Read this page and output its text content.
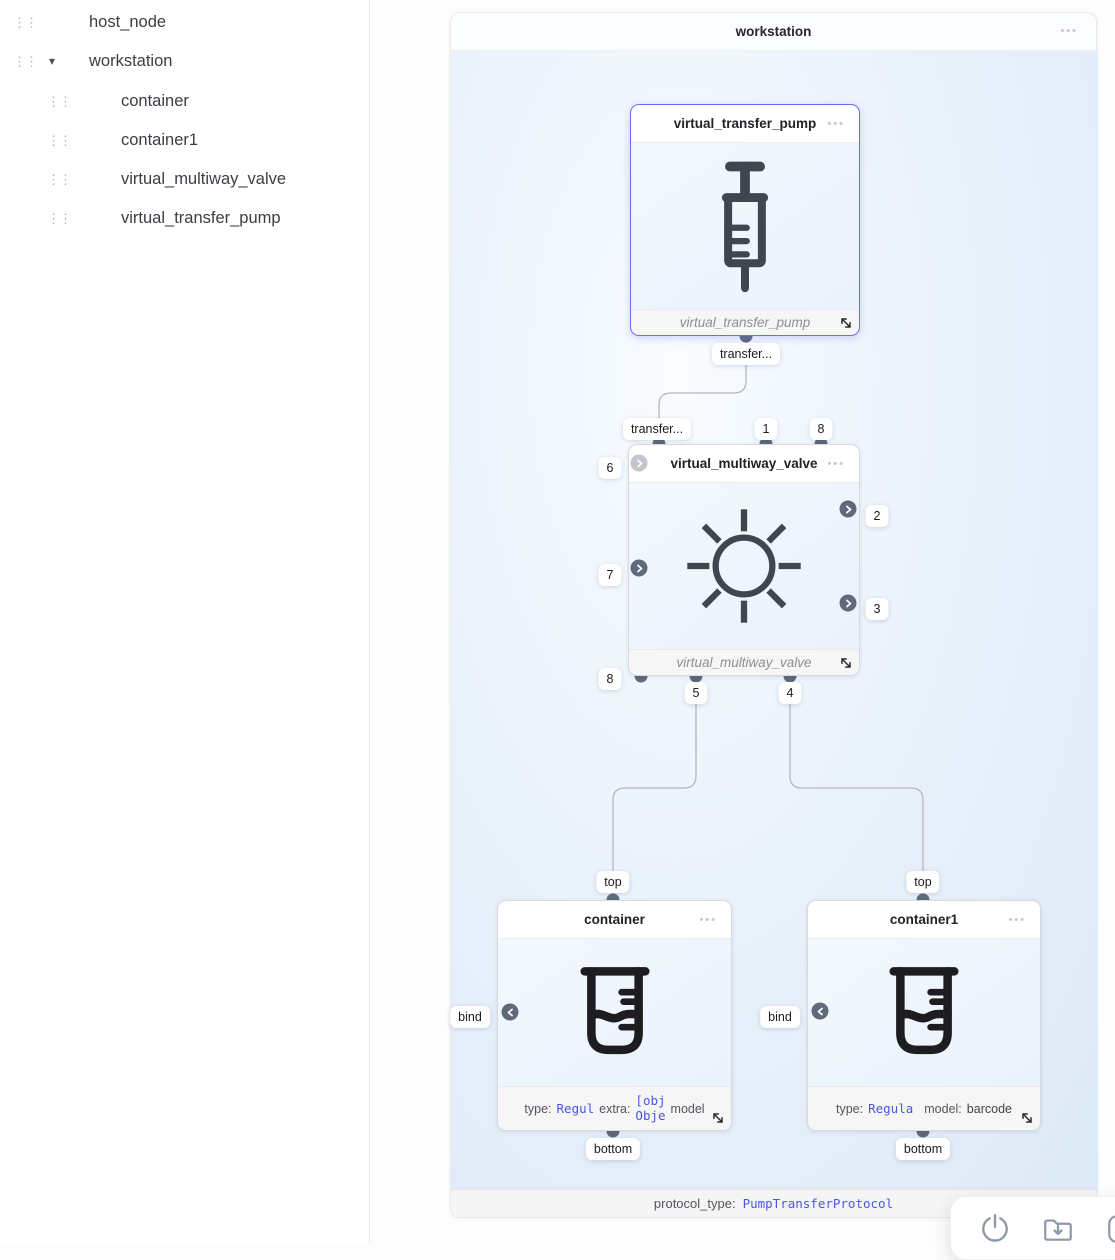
⋮⋮	host_node
⋮⋮ ▾ workstation
⋮⋮	container
⋮⋮	container1
⋮⋮	virtual_multiway_valve
⋮⋮	virtual_transfer_pump
workstation	•••
virtual_transfer_pump •••
virtual_transfer_pump
virtual_multiway_valve •••
virtual_multiway_valve
container	•••
type: Regul extra:
[obj
Obje model
container1	•••
type: Regula model: barcode
transfer...
transfer...	1	8
6
7
8
2
3
5	4
top
bind
bottom
top
bind
bottom
protocol_type: PumpTransferProtocol
